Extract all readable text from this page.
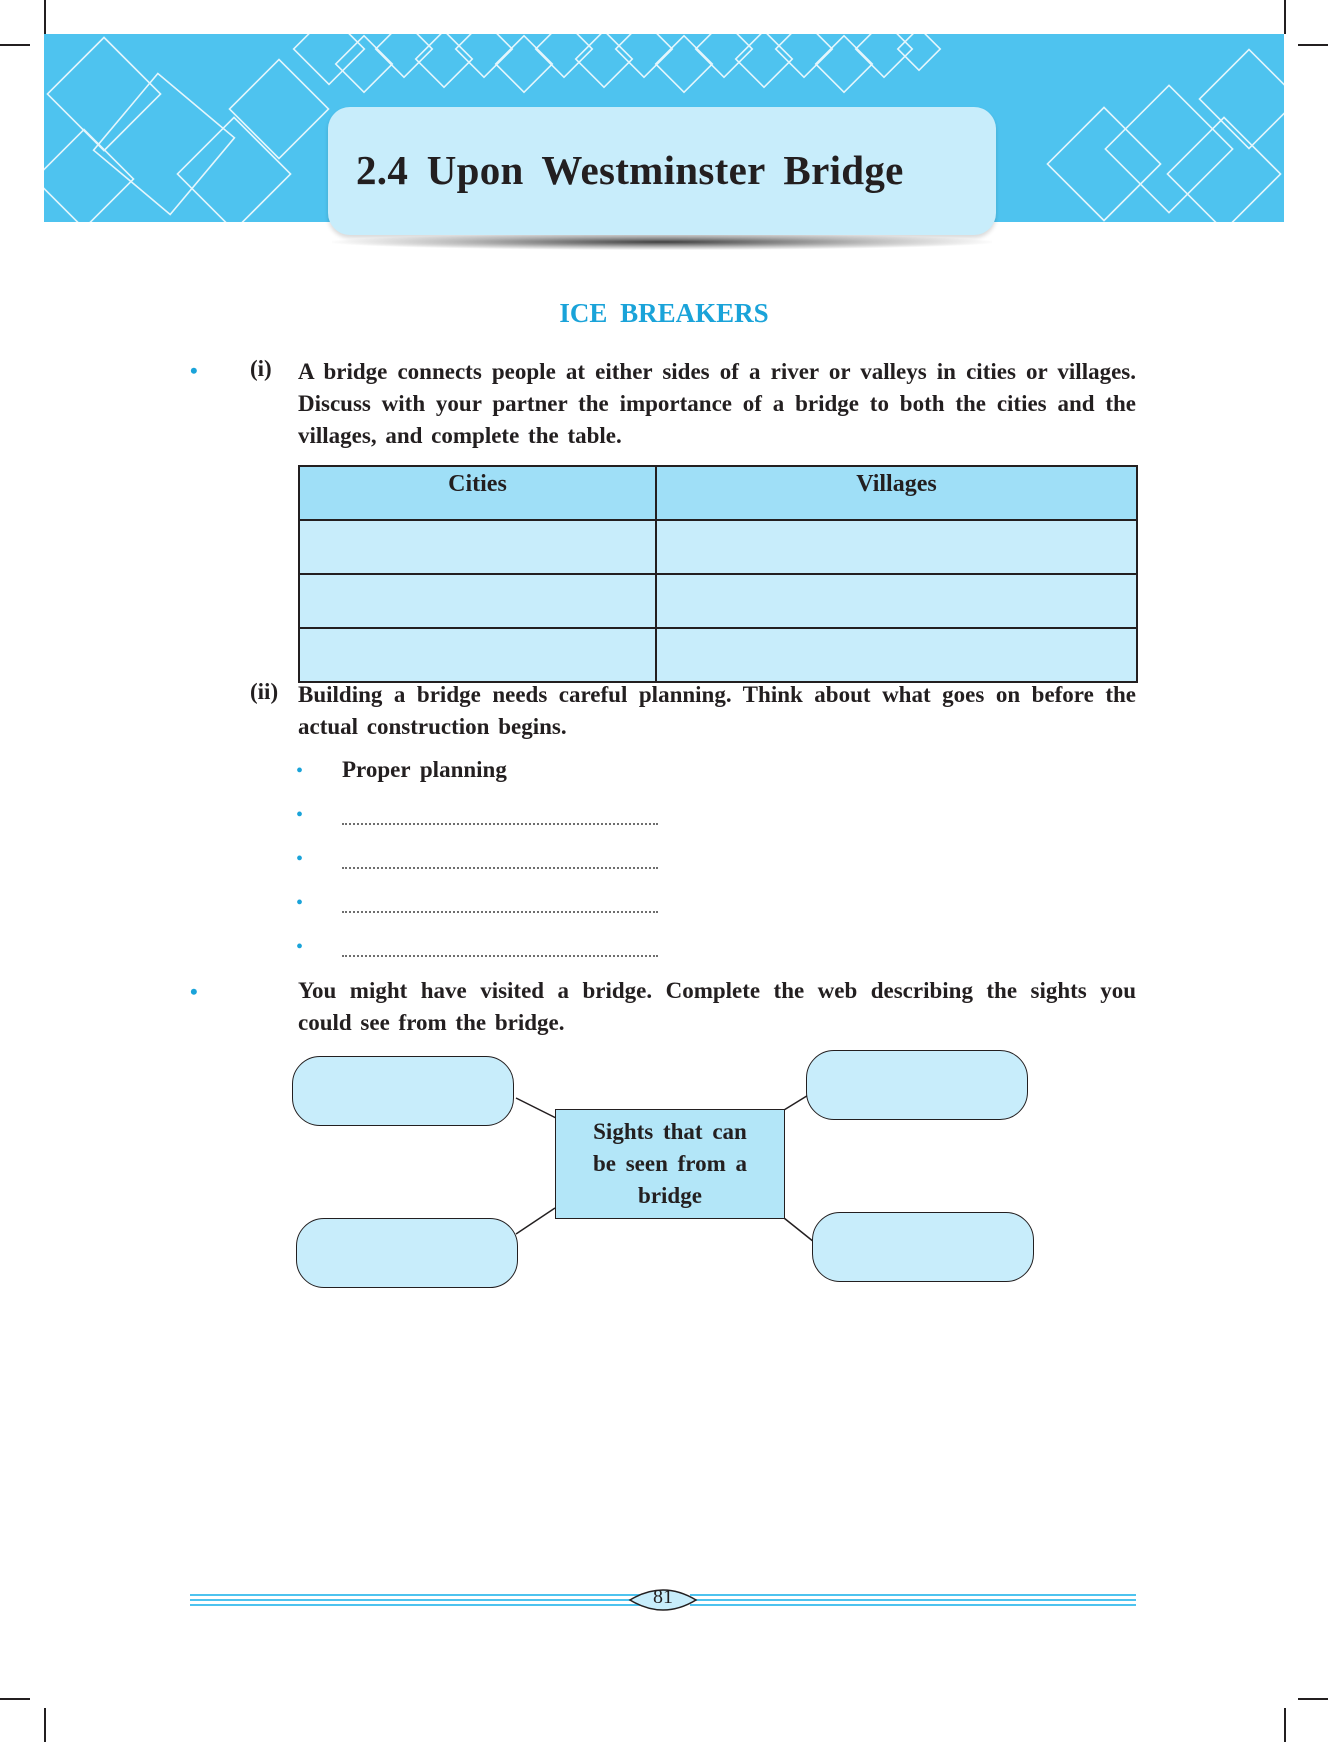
2.4 Upon Westminster Bridge
ICE BREAKERS
• (i) A bridge connects people at either sides of a river or valleys in cities or villages. Discuss with your partner the importance of a bridge to both the cities and the villages, and complete the table.
Cities	Villages

(ii) Building a bridge needs careful planning. Think about what goes on before the actual construction begins.
• Proper planning
•
•
•
•
•	You might have visited a bridge. Complete the web describing the sights you could see from the bridge.
Sights that can be seen from a bridge
81
